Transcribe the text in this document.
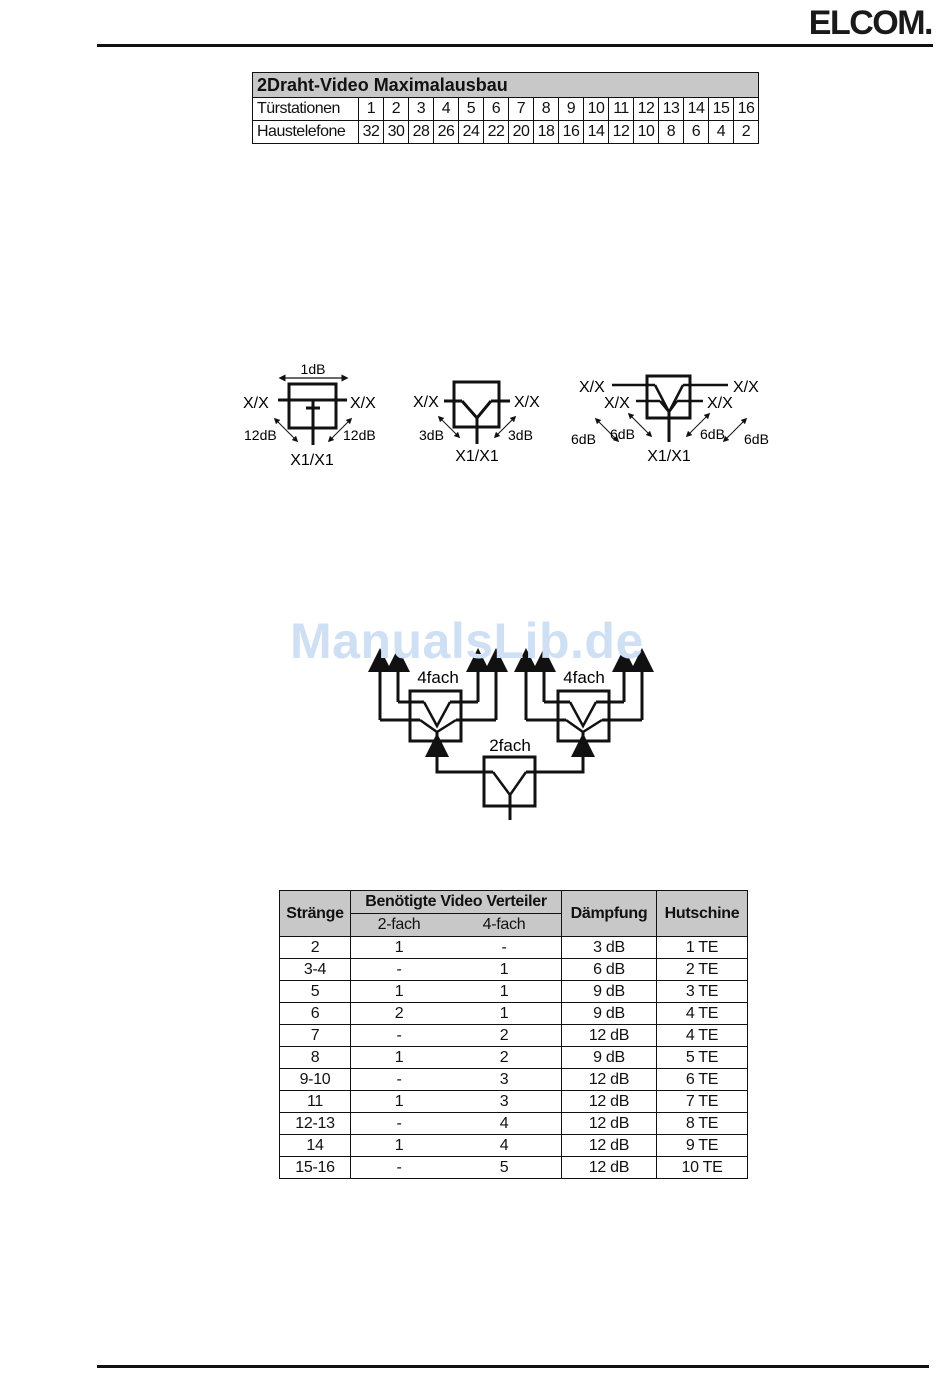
ELCOM.
2Draht-Video Maximalausbau																
Türstationen	1	2	3	4	5	6	7	8	9	10	11	12	13	14	15	16
Haustelefone	32	30	28	26	24	22	20	18	16	14	12	10	8	6	4	2
1dB
X/X	X/X
12dB	12dB
X1/X1
X/X	X/X
3dB	3dB
X1/X1
X/X
X/X	X/X
X/X
6dB 6dB	6dB 6dB
X1/X1
4fach	4fach
2fach
ManualsLib.de
Stränge	Benötigte Video Verteiler		Dämpfung	Hutschine
	2-fach	4-fach		
2	1	-	3 dB	1 TE
3-4	-	1	6 dB	2 TE
5	1	1	9 dB	3 TE
6	2	1	9 dB	4 TE
7	-	2	12 dB	4 TE
8	1	2	9 dB	5 TE
9-10	-	3	12 dB	6 TE
11	1	3	12 dB	7 TE
12-13	-	4	12 dB	8 TE
14	1	4	12 dB	9 TE
15-16	-	5	12 dB	10 TE
